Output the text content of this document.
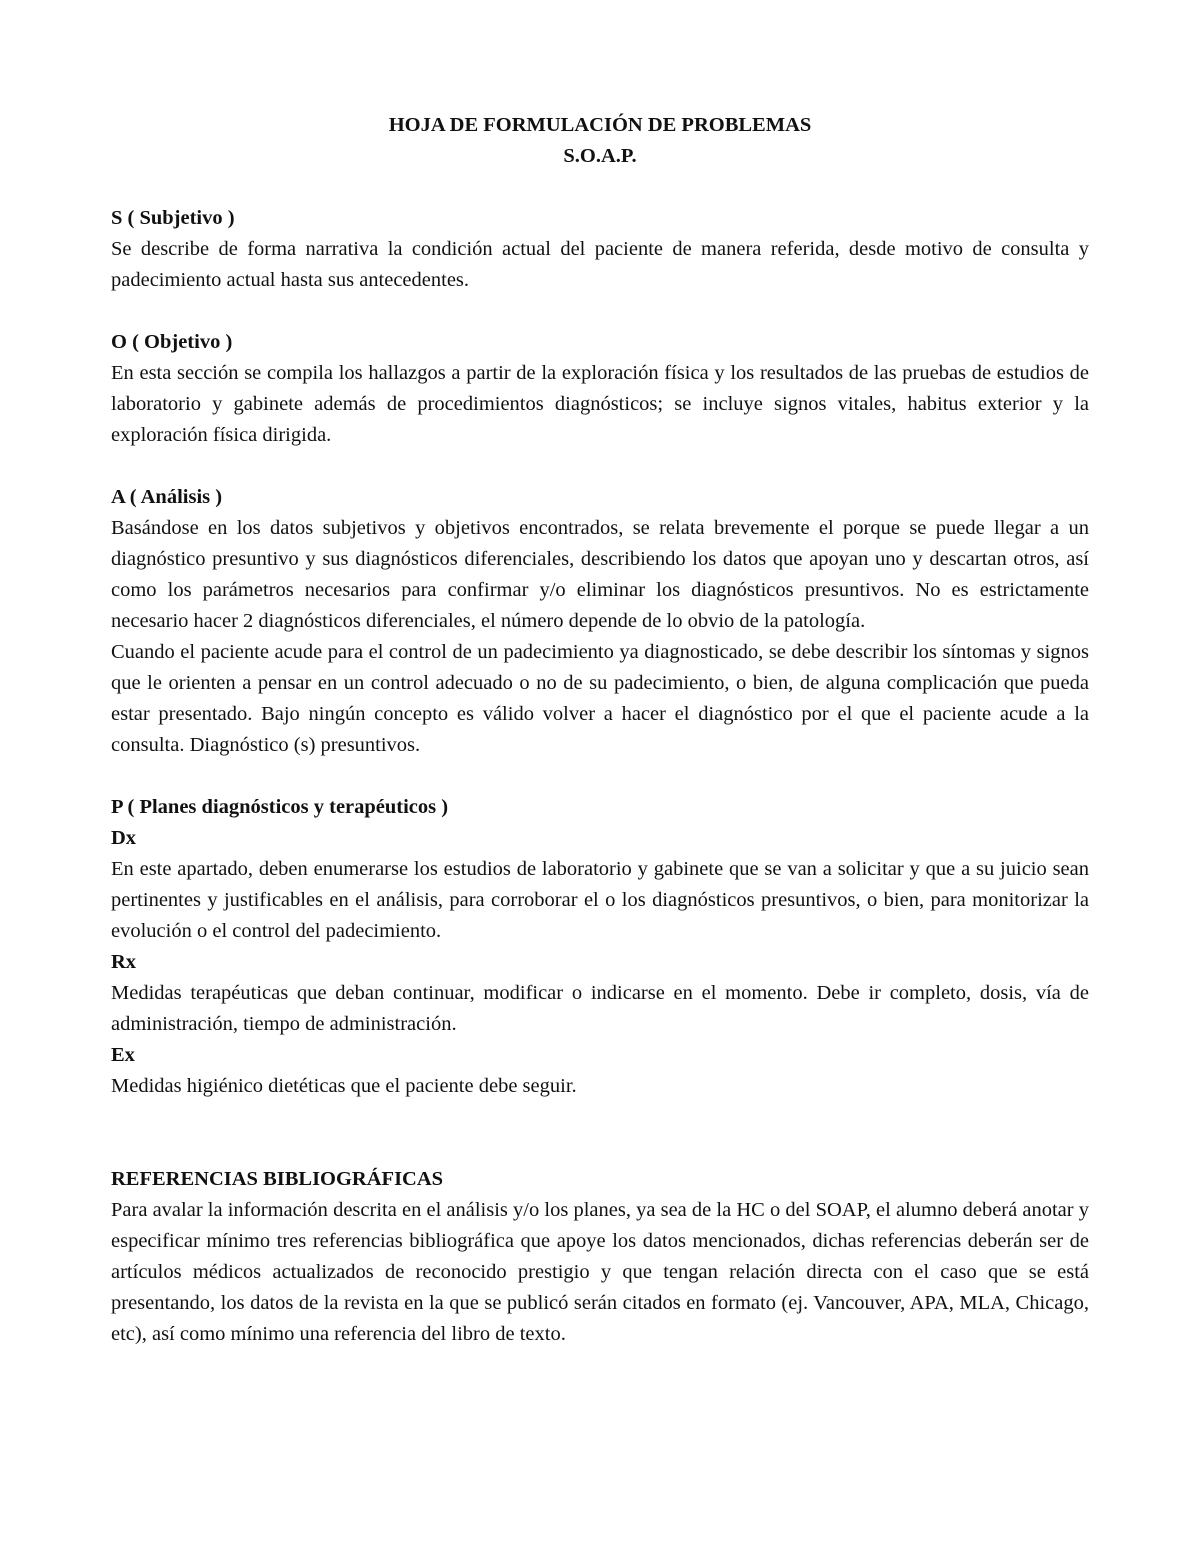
HOJA DE FORMULACIÓN DE PROBLEMAS

S.O.A.P.

S ( Subjetivo )

Se describe de forma narrativa la condición actual del paciente de manera referida, desde motivo de consulta y padecimiento actual hasta sus antecedentes.

O ( Objetivo )

En esta sección se compila los hallazgos a partir de la exploración física y los resultados de las pruebas de estudios de laboratorio y gabinete además de procedimientos diagnósticos; se incluye signos vitales, habitus exterior y la exploración física dirigida.

A ( Análisis )

Basándose en los datos subjetivos y objetivos encontrados, se relata brevemente el porque se puede llegar a un diagnóstico presuntivo y sus diagnósticos diferenciales, describiendo los datos que apoyan uno y descartan otros, así como los parámetros necesarios para confirmar y/o eliminar los diagnósticos presuntivos. No es estrictamente necesario hacer 2 diagnósticos diferenciales, el número depende de lo obvio de la patología.

Cuando el paciente acude para el control de un padecimiento ya diagnosticado, se debe describir los síntomas y signos que le orienten a pensar en un control adecuado o no de su padecimiento, o bien, de alguna complicación que pueda estar presentado. Bajo ningún concepto es válido volver a hacer el diagnóstico por el que el paciente acude a la consulta. Diagnóstico (s) presuntivos.

P ( Planes diagnósticos y terapéuticos )

Dx

En este apartado, deben enumerarse los estudios de laboratorio y gabinete que se van a solicitar y que a su juicio sean pertinentes y justificables en el análisis, para corroborar el o los diagnósticos presuntivos, o bien, para monitorizar la evolución o el control del padecimiento.

Rx

Medidas terapéuticas que deban continuar, modificar o indicarse en el momento. Debe ir completo, dosis, vía de administración, tiempo de administración.

Ex

Medidas higiénico dietéticas que el paciente debe seguir.

REFERENCIAS BIBLIOGRÁFICAS

Para avalar la información descrita en el análisis y/o los planes, ya sea de la HC o del SOAP, el alumno deberá anotar y especificar mínimo tres referencias bibliográfica que apoye los datos mencionados, dichas referencias deberán ser de artículos médicos actualizados de reconocido prestigio y que tengan relación directa con el caso que se está presentando, los datos de la revista en la que se publicó serán citados en formato (ej. Vancouver, APA, MLA, Chicago, etc), así como mínimo una referencia del libro de texto.
